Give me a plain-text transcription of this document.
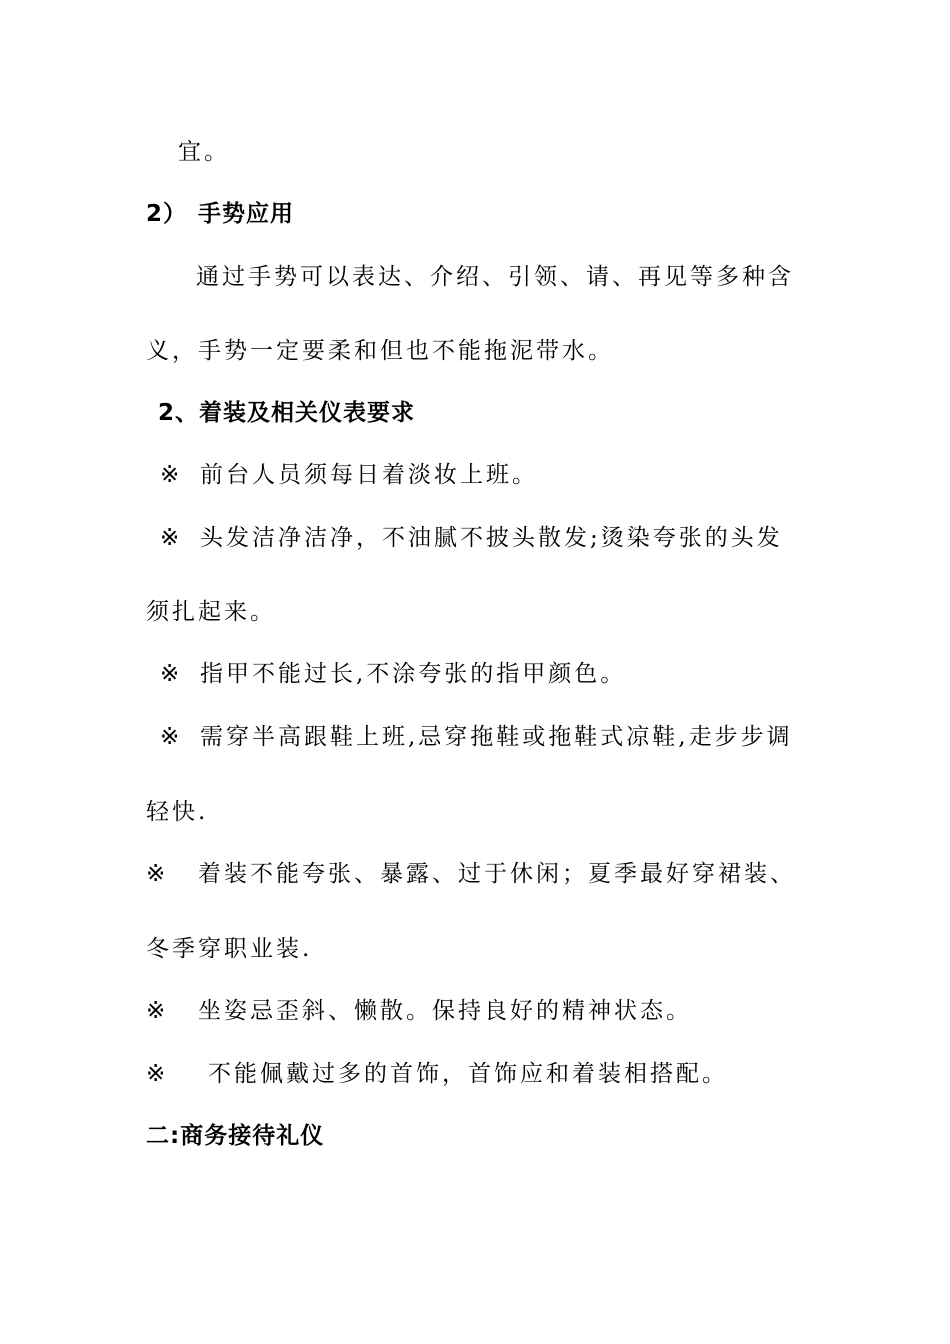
宜。
2） 手势应用
通过手势可以表达、介绍、引领、请、再见等多种含
义，手势一定要柔和但也不能拖泥带水。
2、着装及相关仪表要求
※ 前台人员须每日着淡妆上班。
※ 头发洁净洁净，不油腻不披头散发;烫染夸张的头发
须扎起来。
※ 指甲不能过长,不涂夸张的指甲颜色。
※ 需穿半高跟鞋上班,忌穿拖鞋或拖鞋式凉鞋,走步步调
轻快.
※ 着装不能夸张、暴露、过于休闲；夏季最好穿裙装、
冬季穿职业装.
※ 坐姿忌歪斜、懒散。保持良好的精神状态。
※ 不能佩戴过多的首饰，首饰应和着装相搭配。
二:商务接待礼仪
